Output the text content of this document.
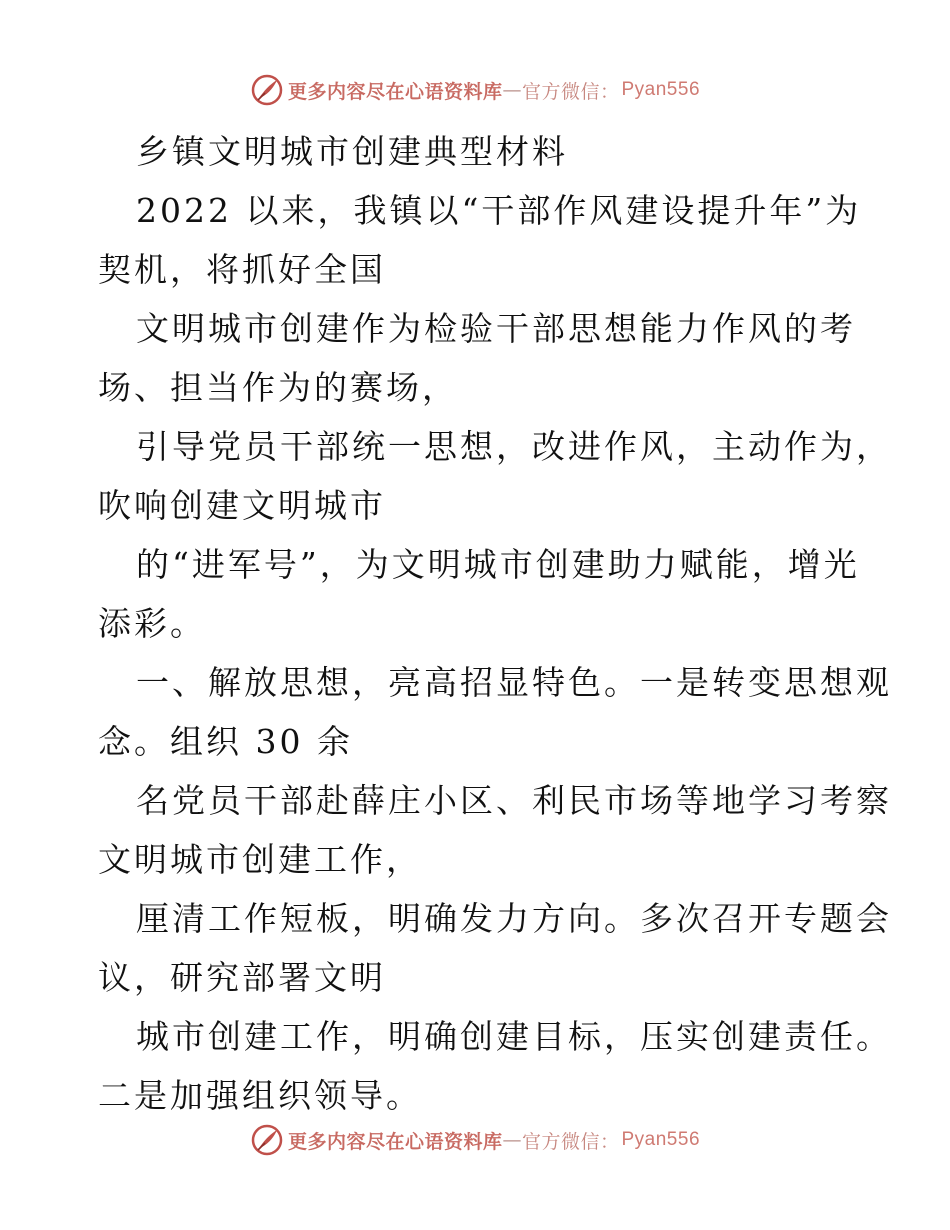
更多内容尽在心语资料库 — 官方微信： Pyan556
乡镇文明城市创建典型材料
2022 以来，我镇以“干部作风建设提升年”为
契机，将抓好全国
文明城市创建作为检验干部思想能力作风的考
场、担当作为的赛场，
引导党员干部统一思想，改进作风，主动作为，
吹响创建文明城市
的“进军号”，为文明城市创建助力赋能，增光
添彩。
一、解放思想，亮高招显特色。一是转变思想观
念。组织 30 余
名党员干部赴薛庄小区、利民市场等地学习考察
文明城市创建工作，
厘清工作短板，明确发力方向。多次召开专题会
议，研究部署文明
城市创建工作，明确创建目标，压实创建责任。
二是加强组织领导。
更多内容尽在心语资料库 — 官方微信： Pyan556
